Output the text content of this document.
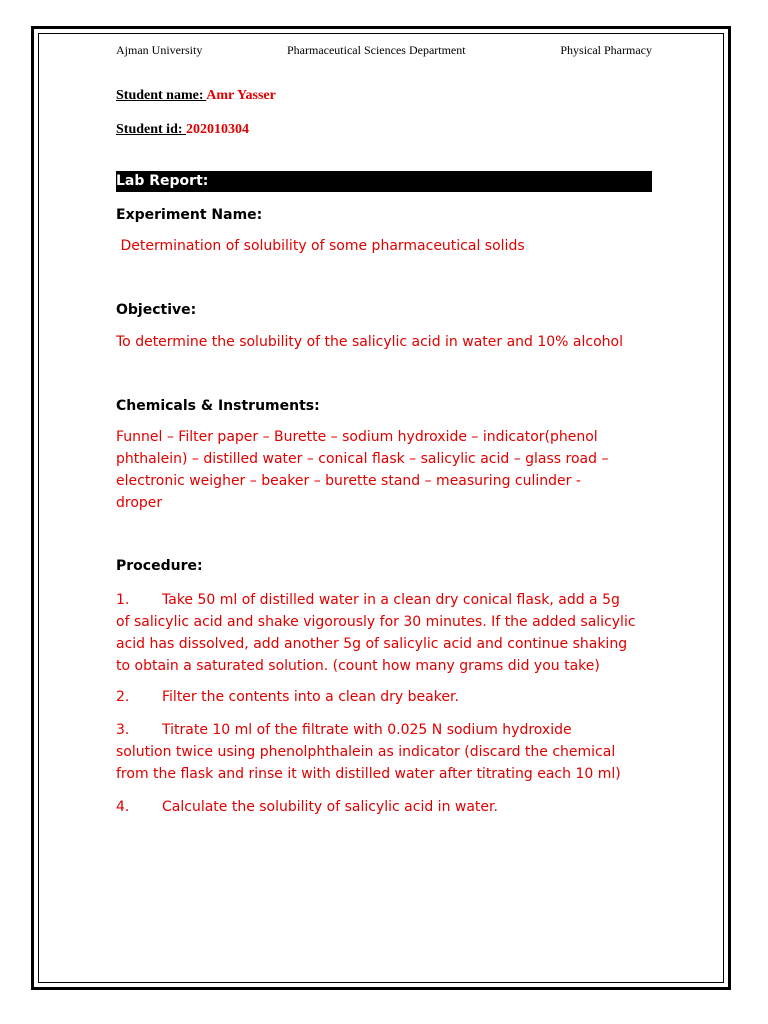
Ajman University	Pharmaceutical Sciences Department	Physical Pharmacy
Student name: Amr Yasser
Student id: 202010304
Lab Report:
Experiment Name:
Determination of solubility of some pharmaceutical solids
Objective:
To determine the solubility of the salicylic acid in water and 10% alcohol
Chemicals & Instruments:
Funnel – Filter paper – Burette – sodium hydroxide – indicator(phenol
phthalein) – distilled water – conical flask – salicylic acid – glass road –
electronic weigher – beaker – burette stand – measuring culinder -
droper
Procedure:
1. Take 50 ml of distilled water in a clean dry conical flask, add a 5g
of salicylic acid and shake vigorously for 30 minutes. If the added salicylic
acid has dissolved, add another 5g of salicylic acid and continue shaking
to obtain a saturated solution. (count how many grams did you take)
2. Filter the contents into a clean dry beaker.
3. Titrate 10 ml of the filtrate with 0.025 N sodium hydroxide
solution twice using phenolphthalein as indicator (discard the chemical
from the flask and rinse it with distilled water after titrating each 10 ml)
4. Calculate the solubility of salicylic acid in water.
